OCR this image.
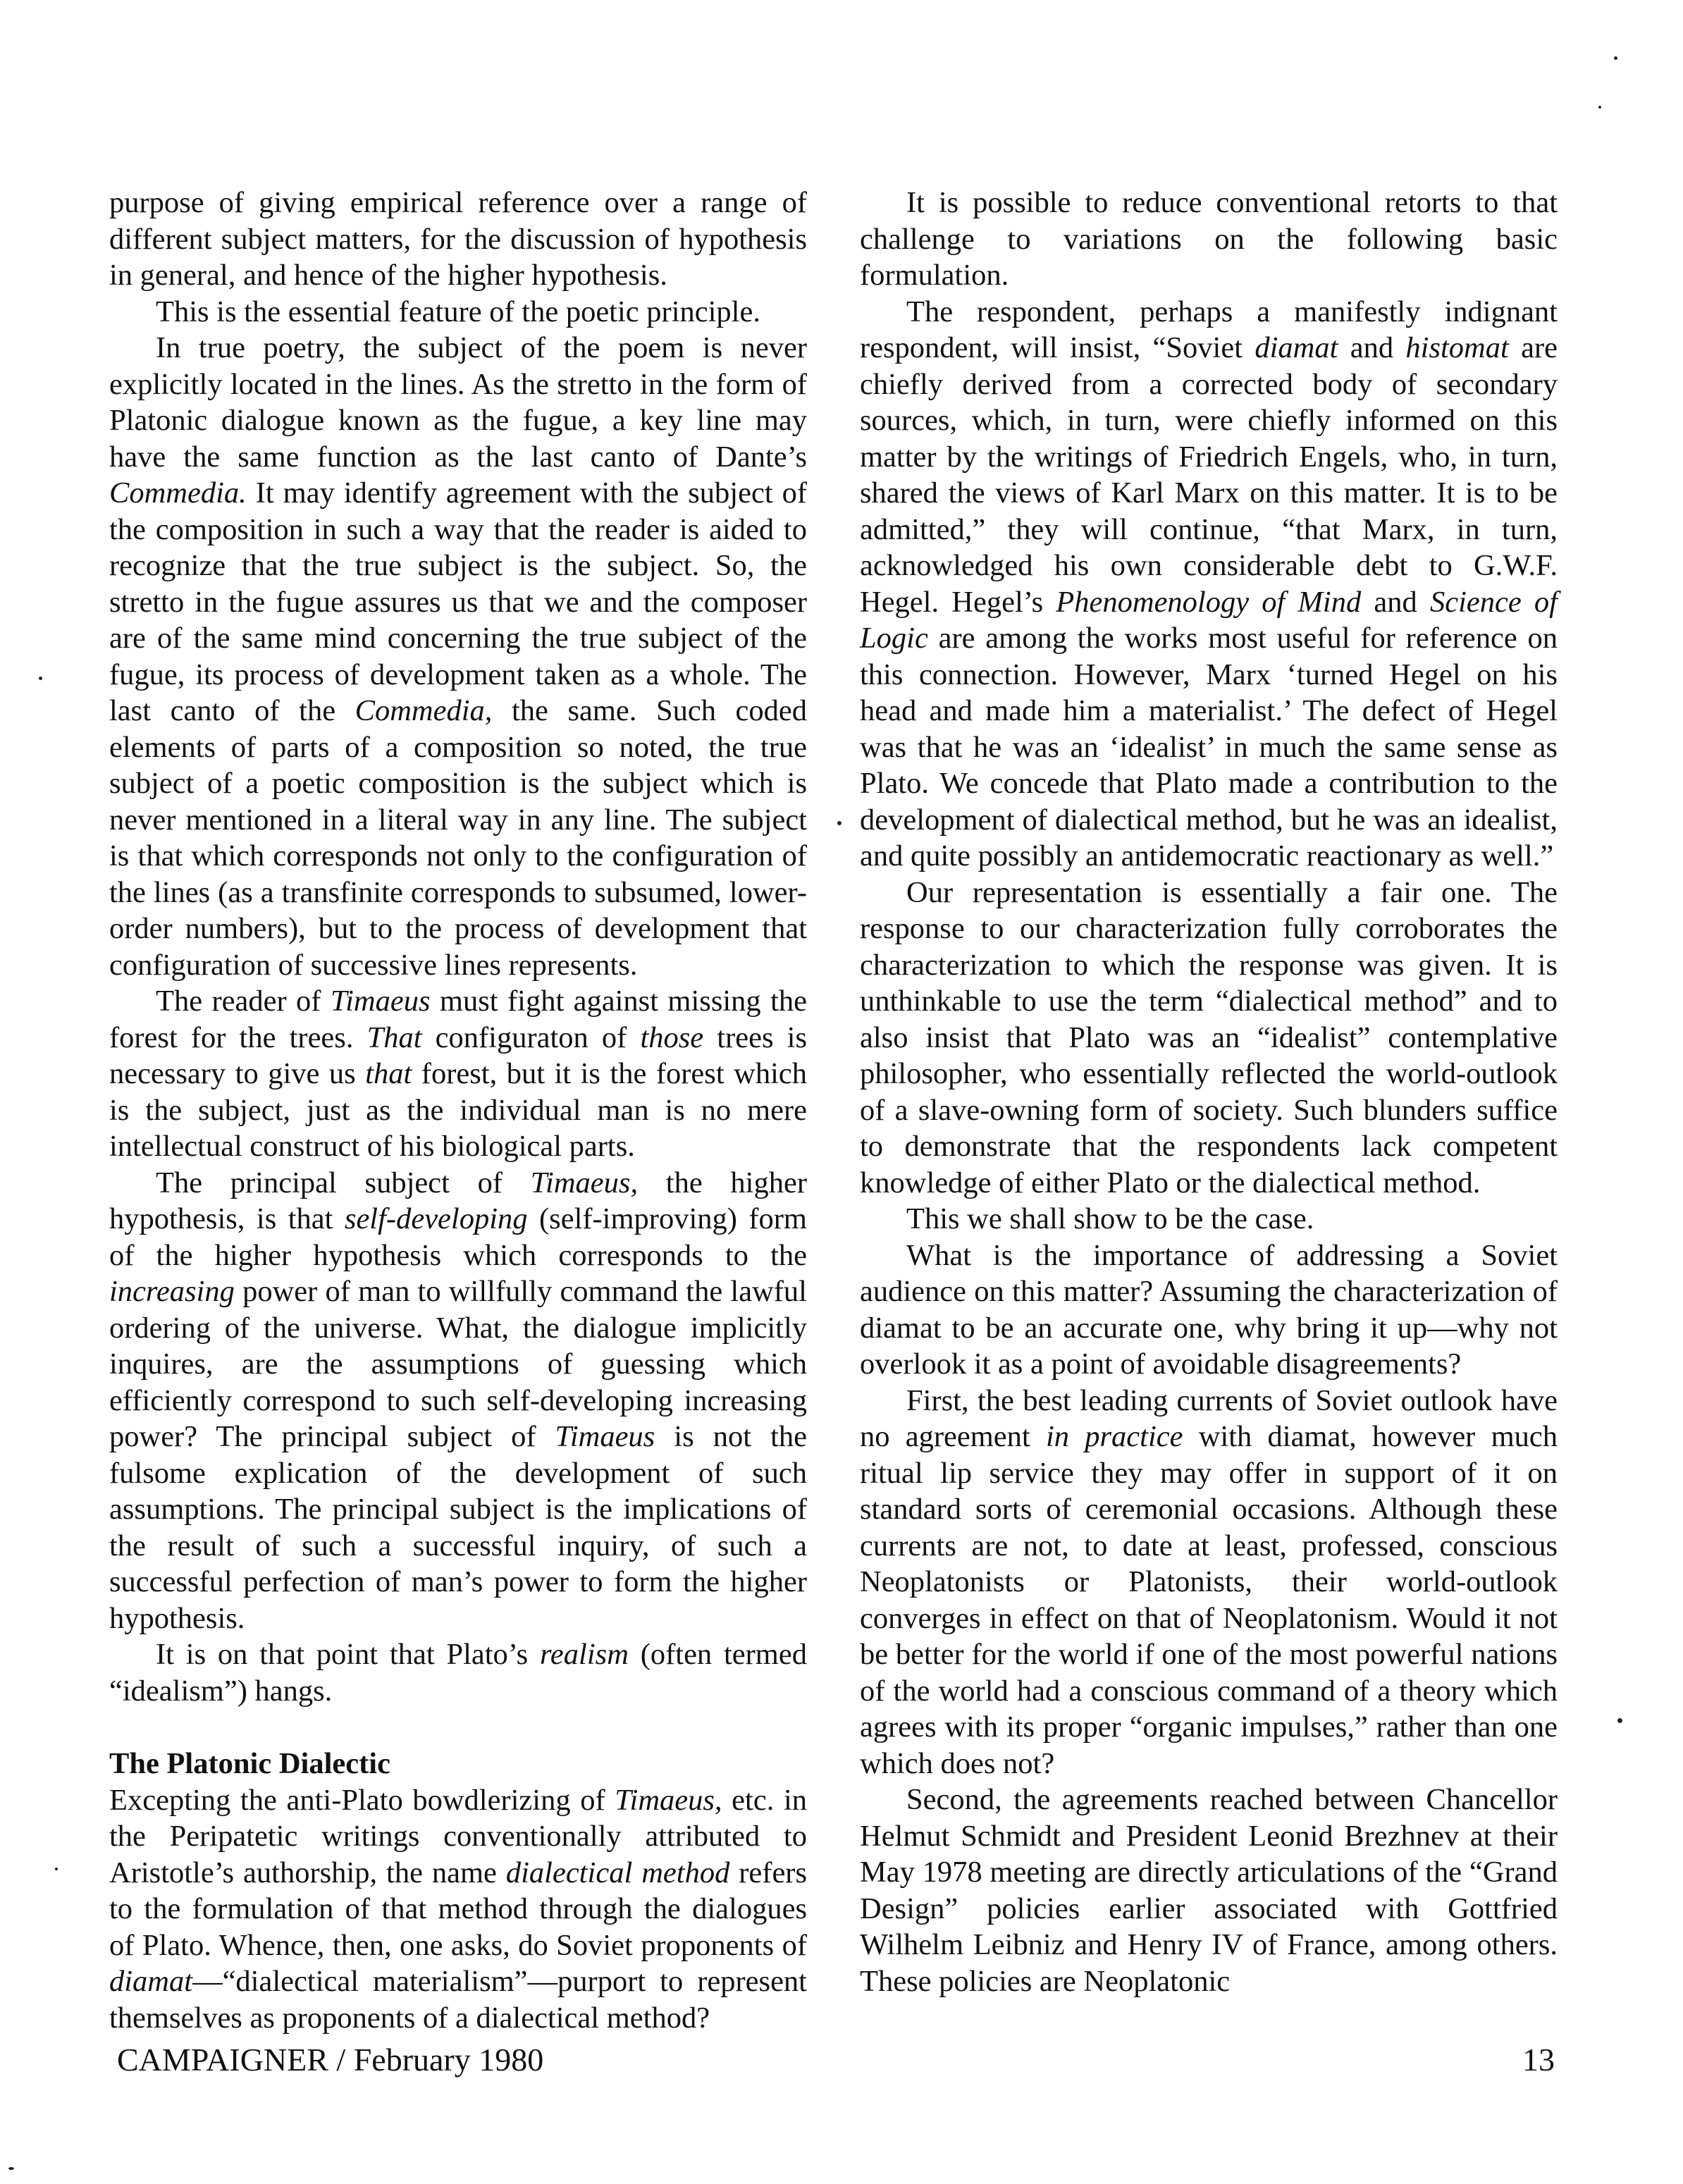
purpose of giving empirical reference over a range of different subject matters, for the discussion of hypothesis in general, and hence of the higher hypothesis.

This is the essential feature of the poetic principle.

In true poetry, the subject of the poem is never explicitly located in the lines. As the stretto in the form of Platonic dialogue known as the fugue, a key line may have the same function as the last canto of Dante’s Commedia. It may identify agreement with the subject of the composition in such a way that the reader is aided to recognize that the true subject is the subject. So, the stretto in the fugue assures us that we and the composer are of the same mind concerning the true subject of the fugue, its process of development taken as a whole. The last canto of the Commedia, the same. Such coded elements of parts of a composition so noted, the true subject of a poetic composition is the subject which is never mentioned in a literal way in any line. The subject is that which corresponds not only to the configuration of the lines (as a transfinite corresponds to subsumed, lower-order numbers), but to the process of development that configuration of successive lines represents.

The reader of Timaeus must fight against missing the forest for the trees. That configuraton of those trees is necessary to give us that forest, but it is the forest which is the subject, just as the individual man is no mere intellectual construct of his biological parts.

The principal subject of Timaeus, the higher hypothesis, is that self-developing (self-improving) form of the higher hypothesis which corresponds to the increasing power of man to willfully command the lawful ordering of the universe. What, the dialogue implicitly inquires, are the assumptions of guessing which efficiently correspond to such self-developing increasing power? The principal subject of Timaeus is not the fulsome explication of the development of such assumptions. The principal subject is the implications of the result of such a successful inquiry, of such a successful perfection of man’s power to form the higher hypothesis.

It is on that point that Plato’s realism (often termed “idealism”) hangs.

The Platonic Dialectic

Excepting the anti-Plato bowdlerizing of Timaeus, etc. in the Peripatetic writings conventionally attributed to Aristotle’s authorship, the name dialectical method refers to the formulation of that method through the dialogues of Plato. Whence, then, one asks, do Soviet proponents of diamat—“dialectical materialism”—purport to represent themselves as proponents of a dialectical method?

It is possible to reduce conventional retorts to that challenge to variations on the following basic formulation.

The respondent, perhaps a manifestly indignant respondent, will insist, “Soviet diamat and histomat are chiefly derived from a corrected body of secondary sources, which, in turn, were chiefly informed on this matter by the writings of Friedrich Engels, who, in turn, shared the views of Karl Marx on this matter. It is to be admitted,” they will continue, “that Marx, in turn, acknowledged his own considerable debt to G.W.F. Hegel. Hegel’s Phenomenology of Mind and Science of Logic are among the works most useful for reference on this connection. However, Marx ‘turned Hegel on his head and made him a materialist.’ The defect of Hegel was that he was an ‘idealist’ in much the same sense as Plato. We concede that Plato made a contribution to the development of dialectical method, but he was an idealist, and quite possibly an antidemocratic reactionary as well.”

Our representation is essentially a fair one. The response to our characterization fully corroborates the characterization to which the response was given. It is unthinkable to use the term “dialectical method” and to also insist that Plato was an “idealist” contemplative philosopher, who essentially reflected the world-outlook of a slave-owning form of society. Such blunders suffice to demonstrate that the respondents lack competent knowledge of either Plato or the dialectical method.

This we shall show to be the case.

What is the importance of addressing a Soviet audience on this matter? Assuming the characterization of diamat to be an accurate one, why bring it up—why not overlook it as a point of avoidable disagreements?

First, the best leading currents of Soviet outlook have no agreement in practice with diamat, however much ritual lip service they may offer in support of it on standard sorts of ceremonial occasions. Although these currents are not, to date at least, professed, conscious Neoplatonists or Platonists, their world-outlook converges in effect on that of Neoplatonism. Would it not be better for the world if one of the most powerful nations of the world had a conscious command of a theory which agrees with its proper “organic impulses,” rather than one which does not?

Second, the agreements reached between Chancellor Helmut Schmidt and President Leonid Brezhnev at their May 1978 meeting are directly articulations of the “Grand Design” policies earlier associated with Gottfried Wilhelm Leibniz and Henry IV of France, among others. These policies are Neoplatonic

CAMPAIGNER / February 1980	13
